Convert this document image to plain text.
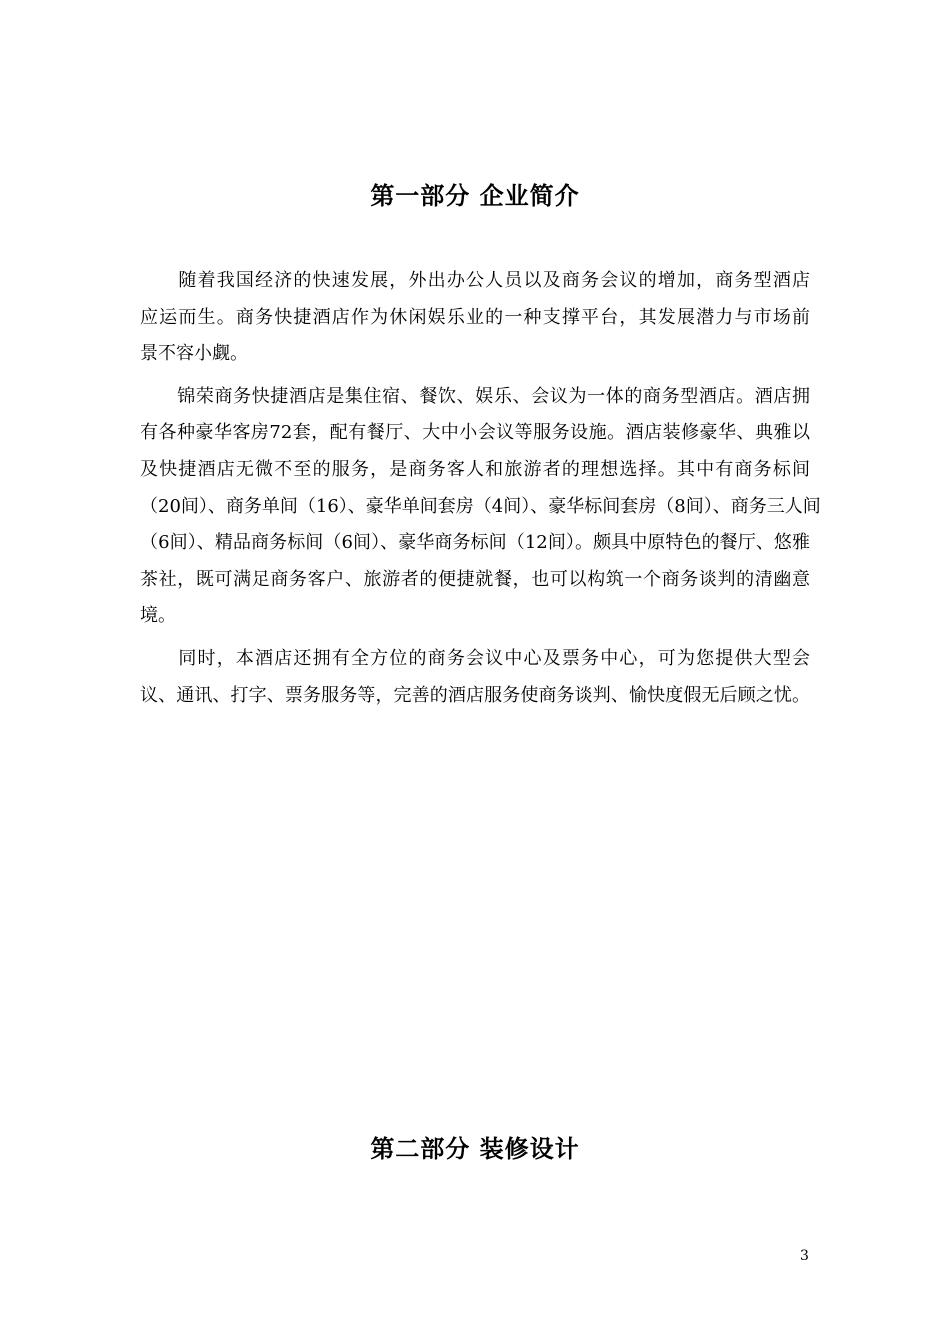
第一部分 企业简介
　　随着我国经济的快速发展，外出办公人员以及商务会议的增加，商务型酒店
应运而生。商务快捷酒店作为休闲娱乐业的一种支撑平台，其发展潜力与市场前
景不容小觑。
　　锦荣商务快捷酒店是集住宿、餐饮、娱乐、会议为一体的商务型酒店。酒店拥
有各种豪华客房72套，配有餐厅、大中小会议等服务设施。酒店装修豪华、典雅以
及快捷酒店无微不至的服务，是商务客人和旅游者的理想选择。其中有商务标间
（20间）、商务单间（16）、豪华单间套房（4间）、豪华标间套房（8间）、商务三人间
（6间）、精品商务标间（6间）、豪华商务标间（12间）。颇具中原特色的餐厅、悠雅
茶社，既可满足商务客户、旅游者的便捷就餐，也可以构筑一个商务谈判的清幽意
境。
　　同时，本酒店还拥有全方位的商务会议中心及票务中心，可为您提供大型会
议、通讯、打字、票务服务等，完善的酒店服务使商务谈判、愉快度假无后顾之忧。
第二部分 装修设计
3
